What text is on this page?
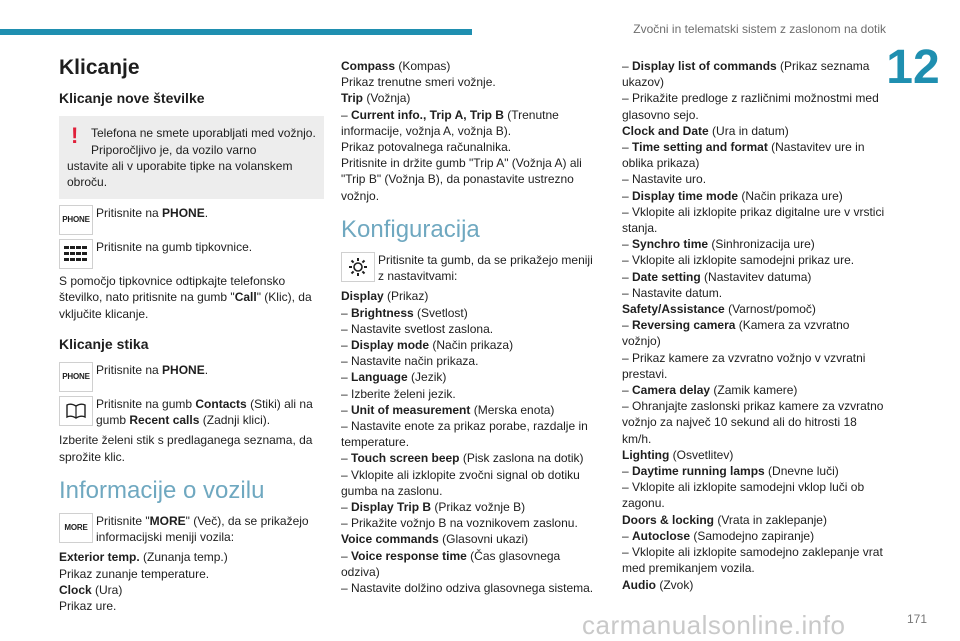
Zvočni in telematski sistem z zaslonom na dotik
12
Klicanje
Klicanje nove številke
!	Telefona ne smete uporabljati med vožnjo. Priporočljivo je, da vozilo varno

ustavite ali v uporabite tipke na volanskem obroču.

PHONE Pritisnite na PHONE.
Pritisnite na gumb tipkovnice.

S pomočjo tipkovnice odtipkajte telefonsko številko, nato pritisnite na gumb "Call" (Klic), da vključite klicanje.

Klicanje stika
PHONE Pritisnite na PHONE.
Pritisnite na gumb Contacts (Stiki) ali na gumb Recent calls (Zadnji klici).

Izberite želeni stik s predlaganega seznama, da sprožite klic.

Informacije o vozilu
MORE Pritisnite "MORE" (Več), da se prikažejo informacijski meniji vozila:

Exterior temp. (Zunanja temp.)

Prikaz zunanje temperature.

Clock (Ura)

Prikaz ure.

Compass (Kompas)

Prikaz trenutne smeri vožnje.

Trip (Vožnja)

– Current info., Trip A, Trip B (Trenutne informacije, vožnja A, vožnja B).

Prikaz potovalnega računalnika.

Pritisnite in držite gumb "Trip A" (Vožnja A) ali "Trip B" (Vožnja B), da ponastavite ustrezno vožnjo.

Konfiguracija
Pritisnite ta gumb, da se prikažejo meniji z nastavitvami:

Display (Prikaz)

– Brightness (Svetlost)

– Nastavite svetlost zaslona.

– Display mode (Način prikaza)

– Nastavite način prikaza.

– Language (Jezik)

– Izberite želeni jezik.

– Unit of measurement (Merska enota)

– Nastavite enote za prikaz porabe, razdalje in temperature.

– Touch screen beep (Pisk zaslona na dotik)

– Vklopite ali izklopite zvočni signal ob dotiku gumba na zaslonu.

– Display Trip B (Prikaz vožnje B)

– Prikažite vožnjo B na voznikovem zaslonu.

Voice commands (Glasovni ukazi)

– Voice response time (Čas glasovnega odziva)

– Nastavite dolžino odziva glasovnega sistema.

– Display list of commands (Prikaz seznama ukazov)

– Prikažite predloge z različnimi možnostmi med glasovno sejo.

Clock and Date (Ura in datum)

– Time setting and format (Nastavitev ure in oblika prikaza)

– Nastavite uro.

– Display time mode (Način prikaza ure)

– Vklopite ali izklopite prikaz digitalne ure v vrstici stanja.

– Synchro time (Sinhronizacija ure)

– Vklopite ali izklopite samodejni prikaz ure.

– Date setting (Nastavitev datuma)

– Nastavite datum.

Safety/Assistance (Varnost/pomoč)

– Reversing camera (Kamera za vzvratno vožnjo)

– Prikaz kamere za vzvratno vožnjo v vzvratni prestavi.

– Camera delay (Zamik kamere)

– Ohranjajte zaslonski prikaz kamere za vzvratno vožnjo za največ 10 sekund ali do hitrosti 18 km/h.

Lighting (Osvetlitev)

– Daytime running lamps (Dnevne luči)

– Vklopite ali izklopite samodejni vklop luči ob zagonu.

Doors & locking (Vrata in zaklepanje)

– Autoclose (Samodejno zapiranje)

– Vklopite ali izklopite samodejno zaklepanje vrat med premikanjem vozila.

Audio (Zvok)

carmanualsonline.info	171
